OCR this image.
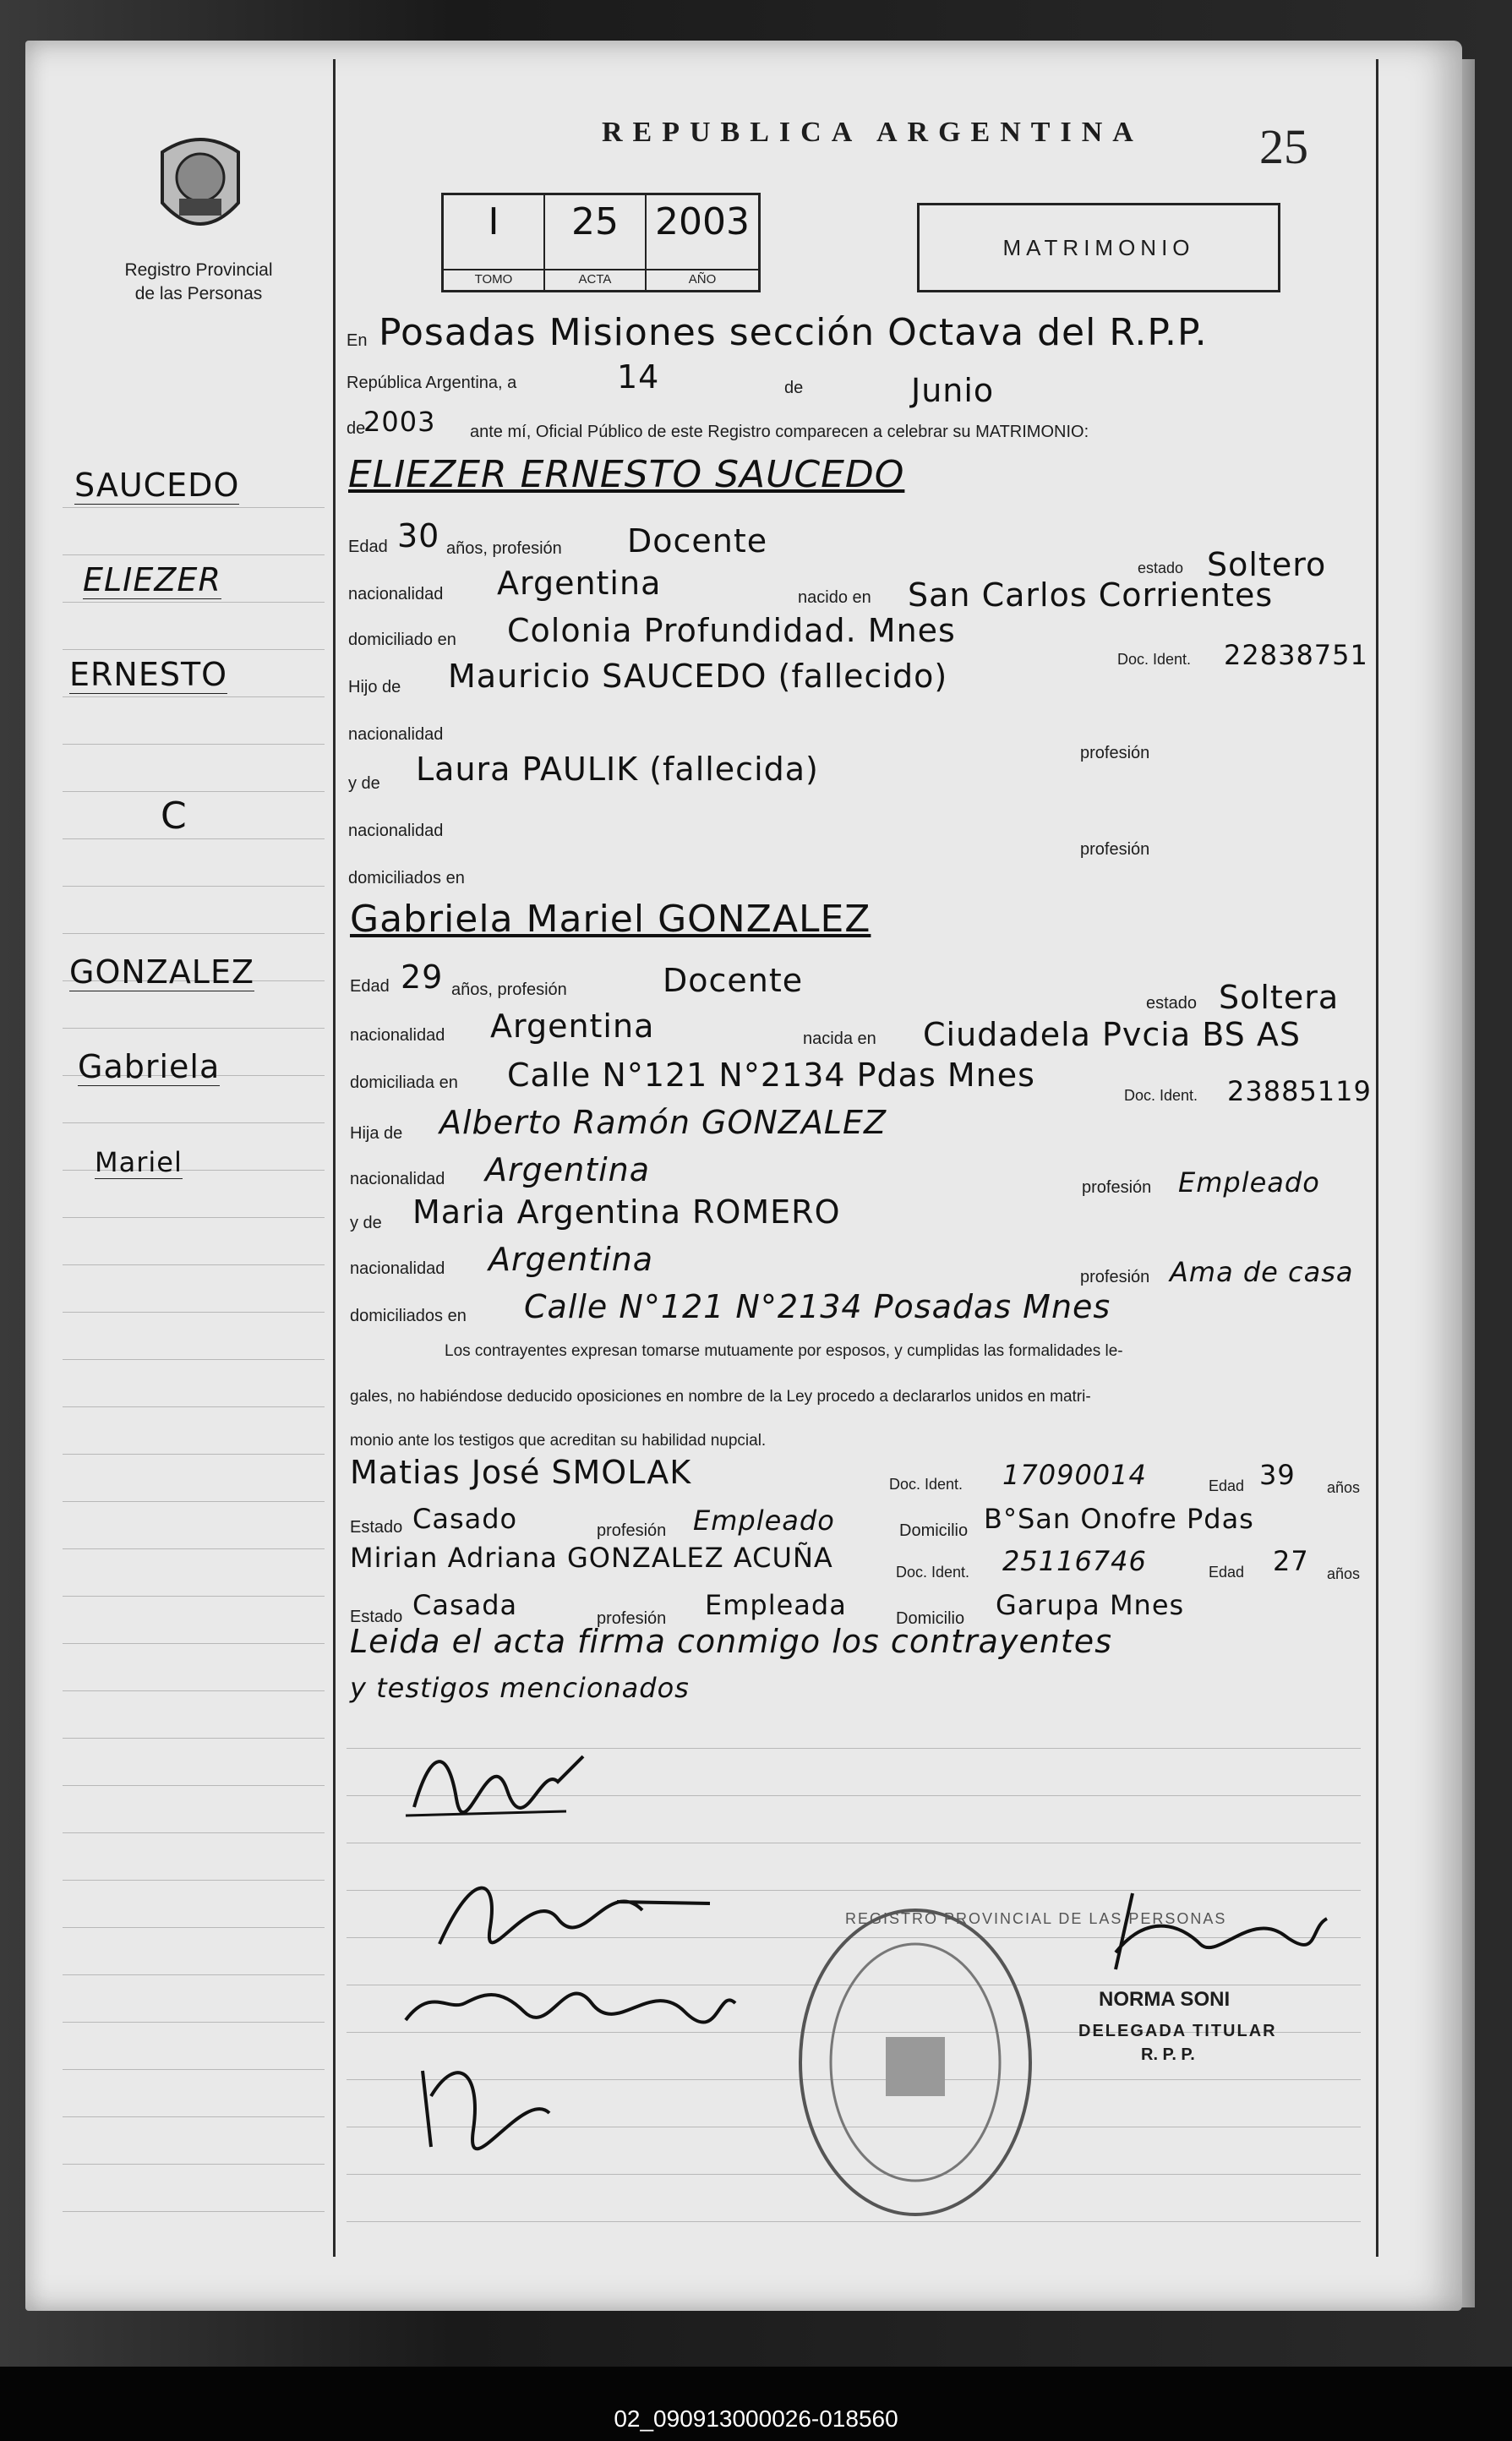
Registro Provincial
de las Personas
REPUBLICA ARGENTINA 25
I
TOMO
25
ACTA
2003
AÑO
MATRIMONIO
SAUCEDO
ELIEZER
ERNESTO
C
GONZALEZ
Gabriela
Mariel
En Posadas Misiones sección Octava del R.P.P.
República Argentina, a	14	de	Junio
de
2003 ante mí, Oficial Público de este Registro comparecen a celebrar su MATRIMONIO:
ELIEZER ERNESTO SAUCEDO
Edad 30 años, profesión Docente
estado Soltero
nacionalidad Argentina	nacido en San Carlos Corrientes
domiciliado en Colonia Profundidad. Mnes
Doc. Ident. 22838751
Hijo de Mauricio SAUCEDO (fallecido)
nacionalidad
profesión
y de Laura PAULIK (fallecida)
nacionalidad
profesión
domiciliados en
Gabriela Mariel GONZALEZ
Edad 29 años, profesión	Docente
estado Soltera
nacionalidad Argentina	nacida en Ciudadela Pvcia BS AS
domiciliada en Calle N°121 N°2134 Pdas Mnes
Doc. Ident. 23885119
Hija de Alberto Ramón GONZALEZ
nacionalidad Argentina	profesión Empleado
y de Maria Argentina ROMERO
nacionalidad Argentina	profesión Ama de casa
domiciliados en Calle N°121 N°2134 Posadas Mnes
Los contrayentes expresan tomarse mutuamente por esposos, y cumplidas las formalidades le-
gales, no habiéndose deducido oposiciones en nombre de la Ley procedo a declararlos unidos en matri-
monio ante los testigos que acreditan su habilidad nupcial.
Matias José SMOLAK	Doc. Ident. 17090014	Edad 39 años
Estado Casado	profesión Empleado	Domicilio B°San Onofre Pdas
Mirian Adriana GONZALEZ ACUÑA	Doc. Ident. 25116746	Edad 27 años
Estado Casada	profesión Empleada	Domicilio Garupa Mnes
Leida el acta firma conmigo los contrayentes
y testigos mencionados
REGISTRO PROVINCIAL DE LAS PERSONAS
NORMA SONI
DELEGADA TITULAR
R. P. P.
02_090913000026-018560
